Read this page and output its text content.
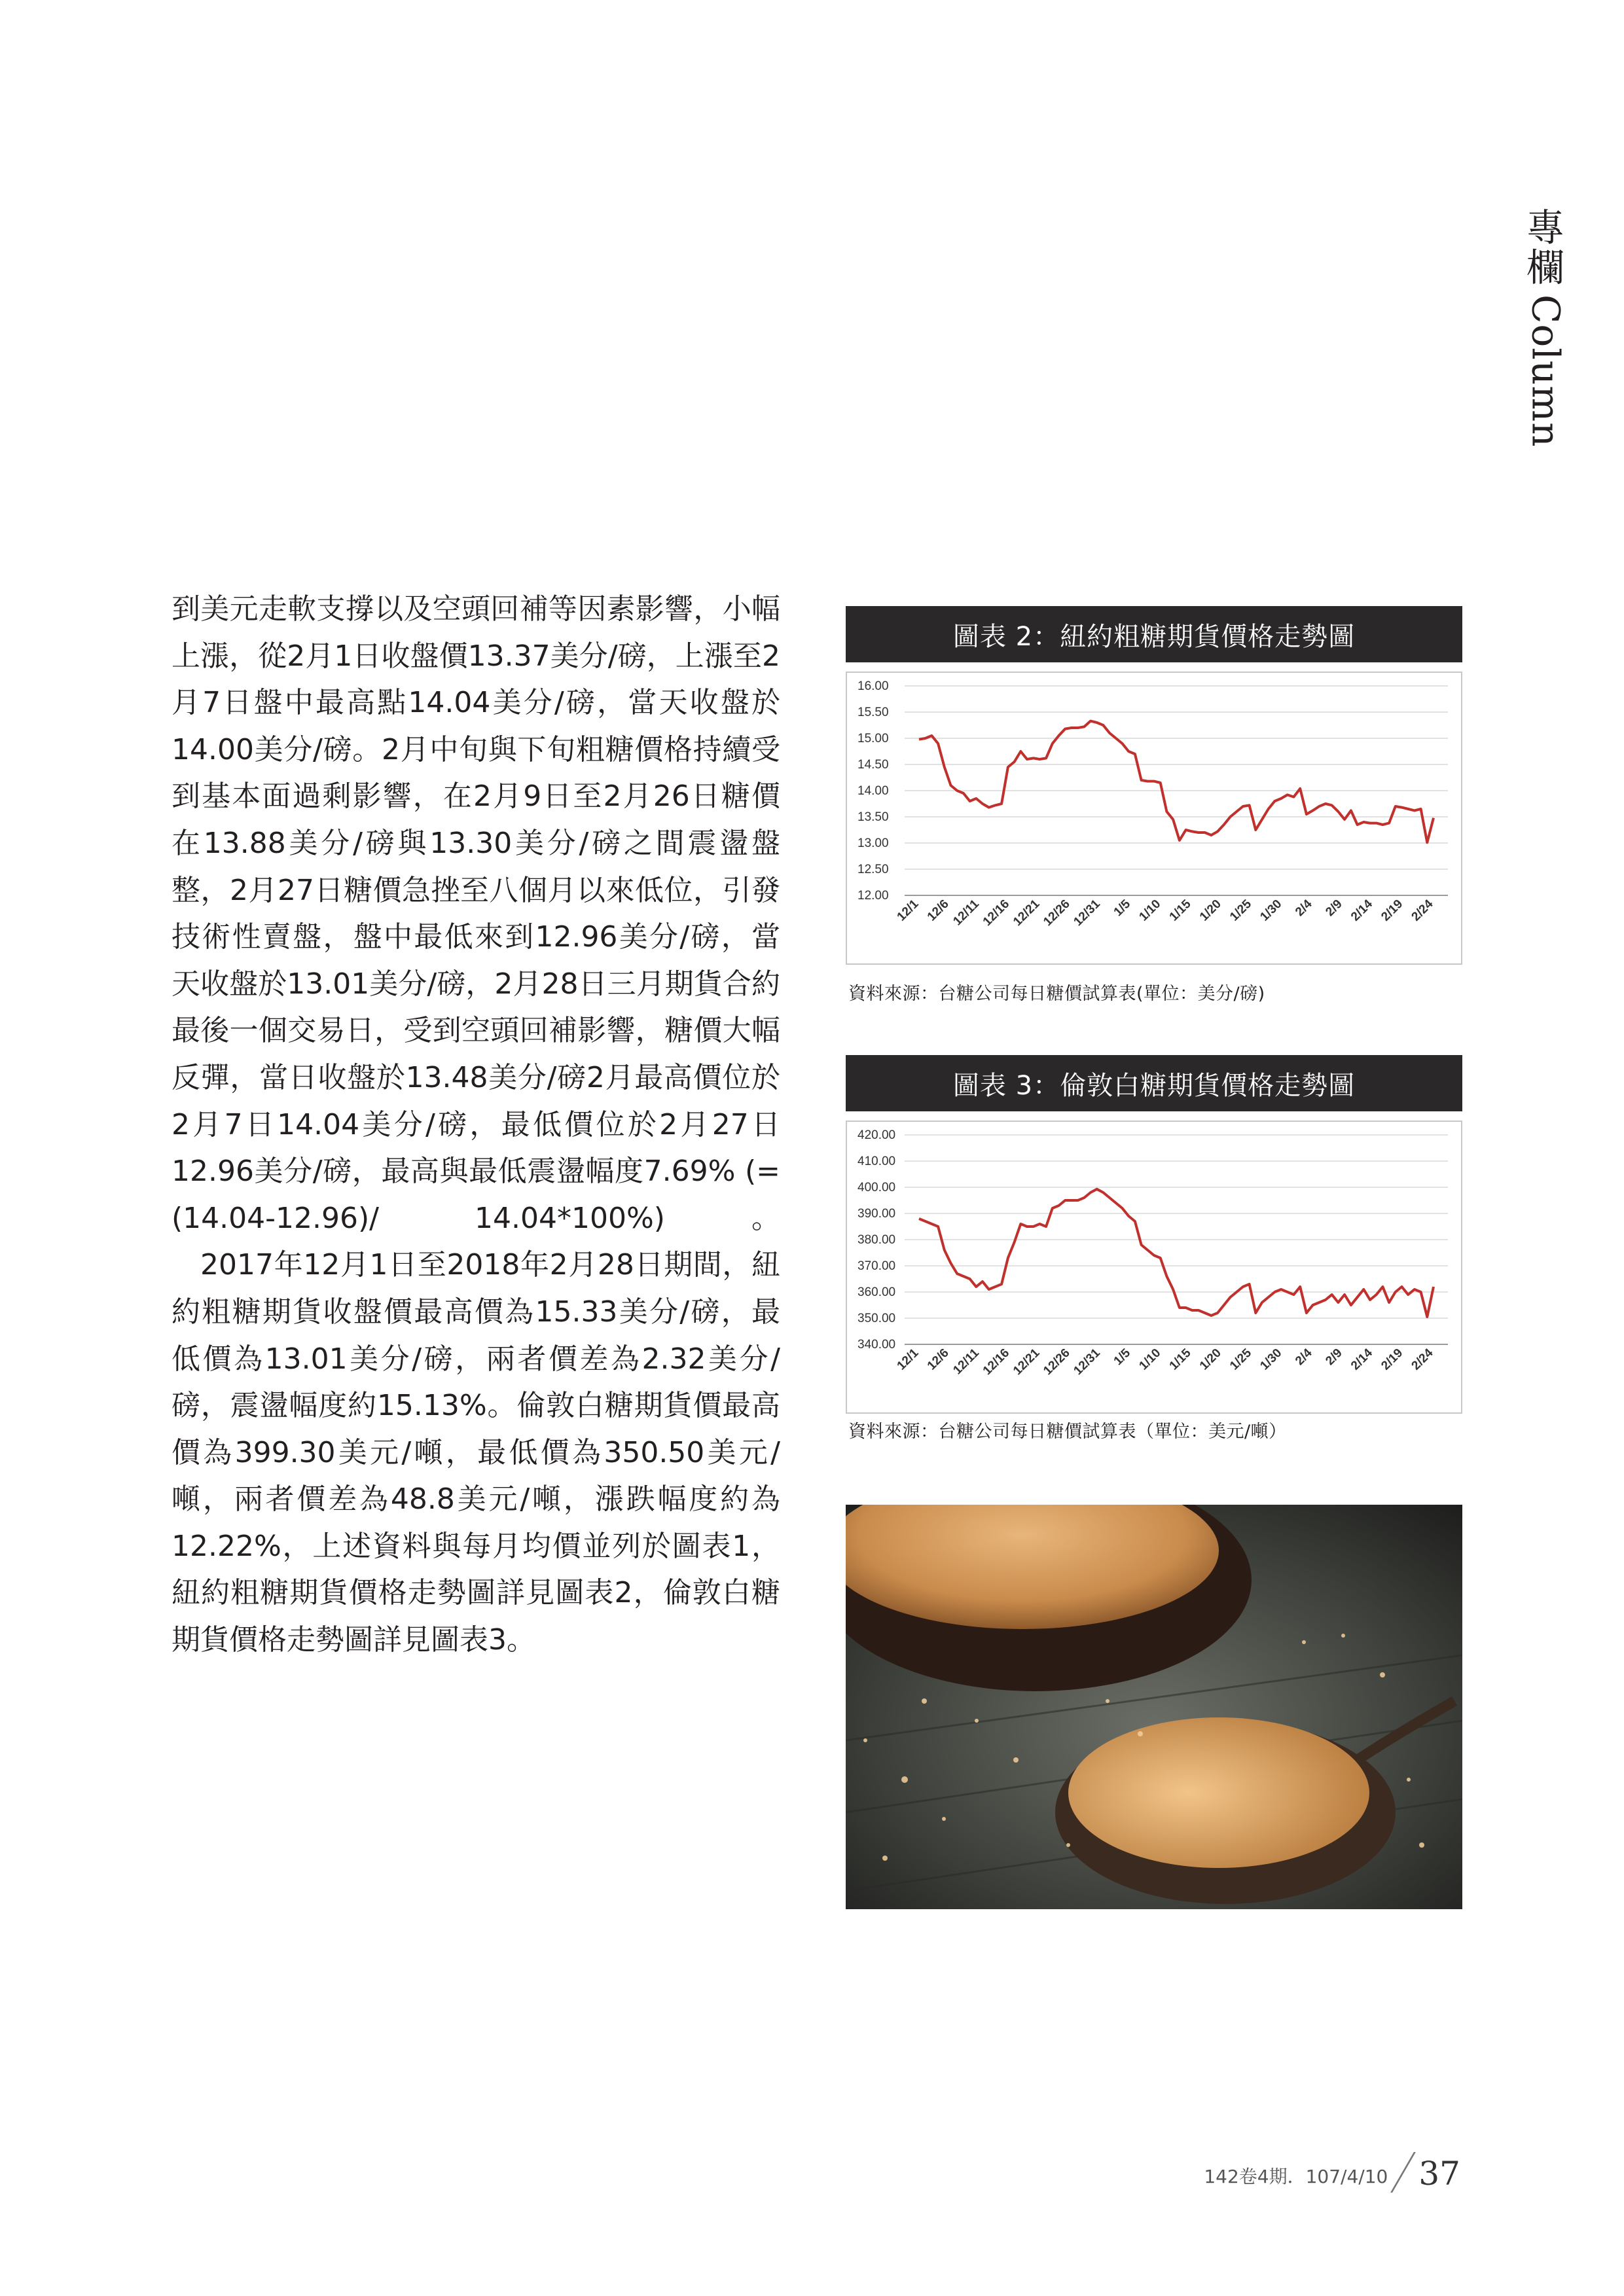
專欄
Column

到美元走軟支撐以及空頭回補等因素影響，小幅上漲，從2月1日收盤價13.37美分/磅，上漲至2月7日盤中最高點14.04美分/磅，當天收盤於14.00美分/磅。2月中旬與下旬粗糖價格持續受到基本面過剩影響，在2月9日至2月26日糖價在13.88美分/磅與13.30美分/磅之間震盪盤整，2月27日糖價急挫至八個月以來低位，引發技術性賣盤，盤中最低來到12.96美分/磅，當天收盤於13.01美分/磅，2月28日三月期貨合約最後一個交易日，受到空頭回補影響，糖價大幅反彈，當日收盤於13.48美分/磅2月最高價位於2月7日14.04美分/磅，最低價位於2月27日12.96美分/磅，最高與最低震盪幅度7.69% (=(14.04-12.96)/ 14.04*100%)。

2017年12月1日至2018年2月28日期間，紐約粗糖期貨收盤價最高價為15.33美分/磅，最低價為13.01美分/磅，兩者價差為2.32美分/磅，震盪幅度約15.13%。倫敦白糖期貨價最高價為399.30美元/噸，最低價為350.50美元/噸，兩者價差為48.8美元/噸，漲跌幅度約為12.22%，上述資料與每月均價並列於圖表1，紐約粗糖期貨價格走勢圖詳見圖表2，倫敦白糖期貨價格走勢圖詳見圖表3。

圖表 2：紐約粗糖期貨價格走勢圖
12.00
12.50
13.00
13.50
14.00
14.50
15.00
15.50
16.00
12/1 12/6
12/11
12/16
12/21
12/26
12/31 1/5 1/10 1/15 1/20 1/25 1/30 2/4 2/9 2/14 2/19 2/24
資料來源：台糖公司每日糖價試算表(單位：美分/磅)
圖表 3：倫敦白糖期貨價格走勢圖
340.00
350.00
360.00
370.00
380.00
390.00
400.00
410.00
420.00
12/1 12/6
12/11
12/16
12/21
12/26
12/31 1/5 1/10 1/15 1/20 1/25 1/30 2/4 2/9 2/14 2/19 2/24
資料來源：台糖公司每日糖價試算表（單位：美元/噸）
142卷4期．107/4/10 37
